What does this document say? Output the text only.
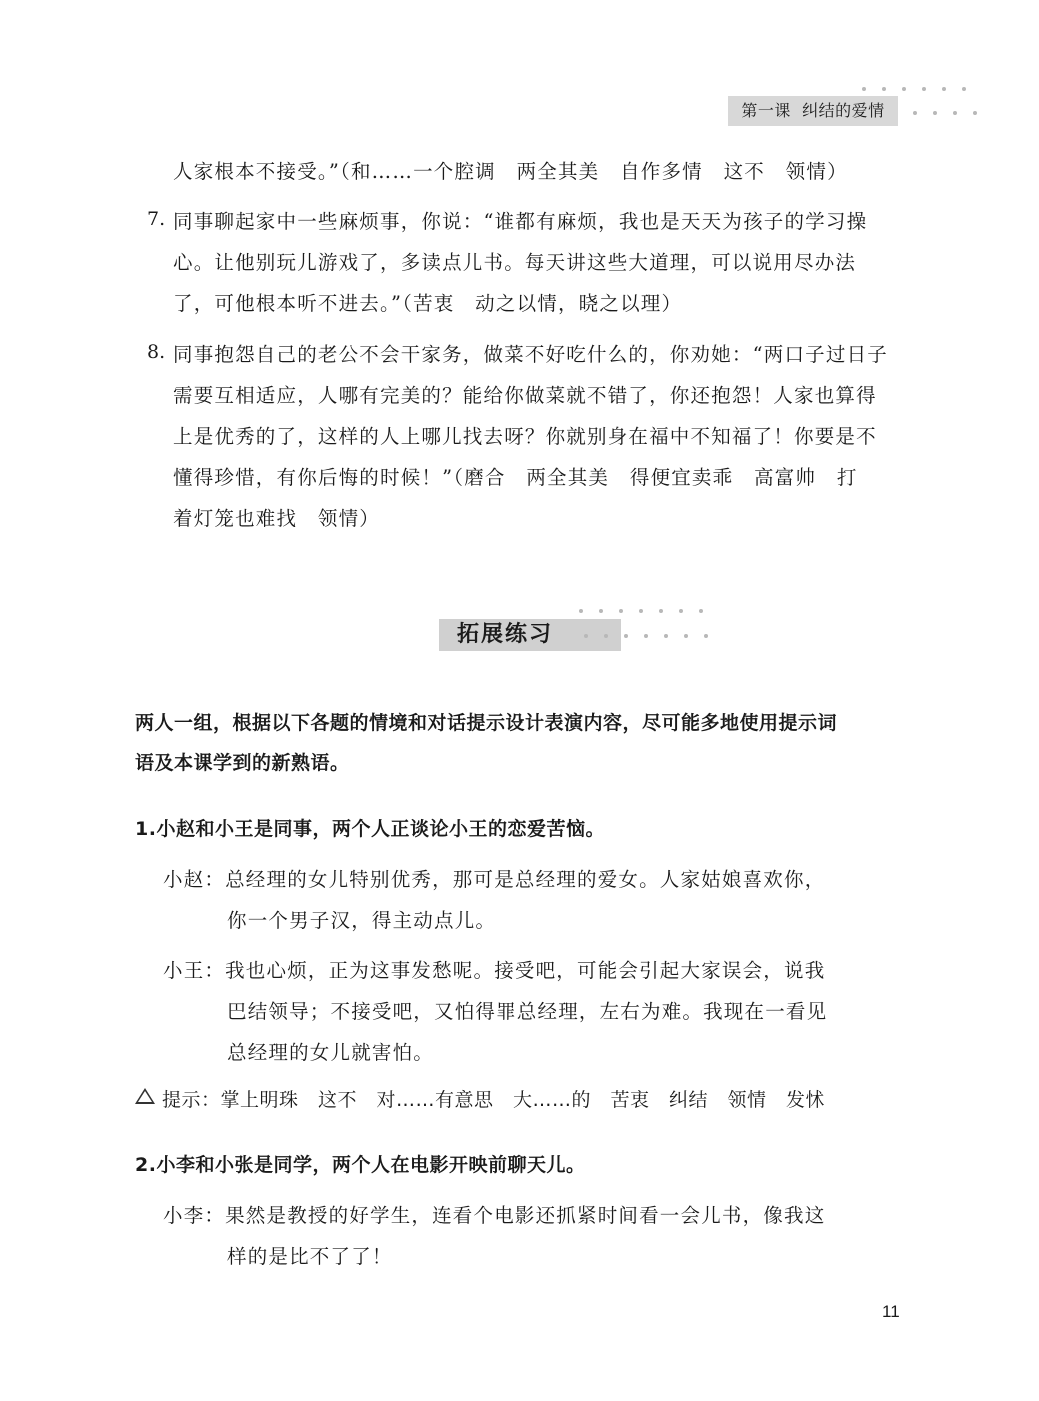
第一课 纠结的爱情
人家根本不接受。”（和……一个腔调　两全其美　自作多情　这不　领情）
7. 同事聊起家中一些麻烦事，你说：“谁都有麻烦，我也是天天为孩子的学习操
心。让他别玩儿游戏了，多读点儿书。每天讲这些大道理，可以说用尽办法
了，可他根本听不进去。”（苦衷　动之以情，晓之以理）
8. 同事抱怨自己的老公不会干家务，做菜不好吃什么的，你劝她：“两口子过日子
需要互相适应，人哪有完美的？能给你做菜就不错了，你还抱怨！人家也算得
上是优秀的了，这样的人上哪儿找去呀？你就别身在福中不知福了！你要是不
懂得珍惜，有你后悔的时候！”（磨合　两全其美　得便宜卖乖　高富帅　打
着灯笼也难找　领情）
拓展练习
两人一组，根据以下各题的情境和对话提示设计表演内容，尽可能多地使用提示词
语及本课学到的新熟语。
1.小赵和小王是同事，两个人正谈论小王的恋爱苦恼。
小赵：总经理的女儿特别优秀，那可是总经理的爱女。人家姑娘喜欢你，
你一个男子汉，得主动点儿。
小王：我也心烦，正为这事发愁呢。接受吧，可能会引起大家误会，说我
巴结领导；不接受吧，又怕得罪总经理，左右为难。我现在一看见
总经理的女儿就害怕。
提示：掌上明珠　这不　对……有意思　大……的　苦衷　纠结　领情　发怵
2.小李和小张是同学，两个人在电影开映前聊天儿。
小李：果然是教授的好学生，连看个电影还抓紧时间看一会儿书，像我这
样的是比不了了！
11
